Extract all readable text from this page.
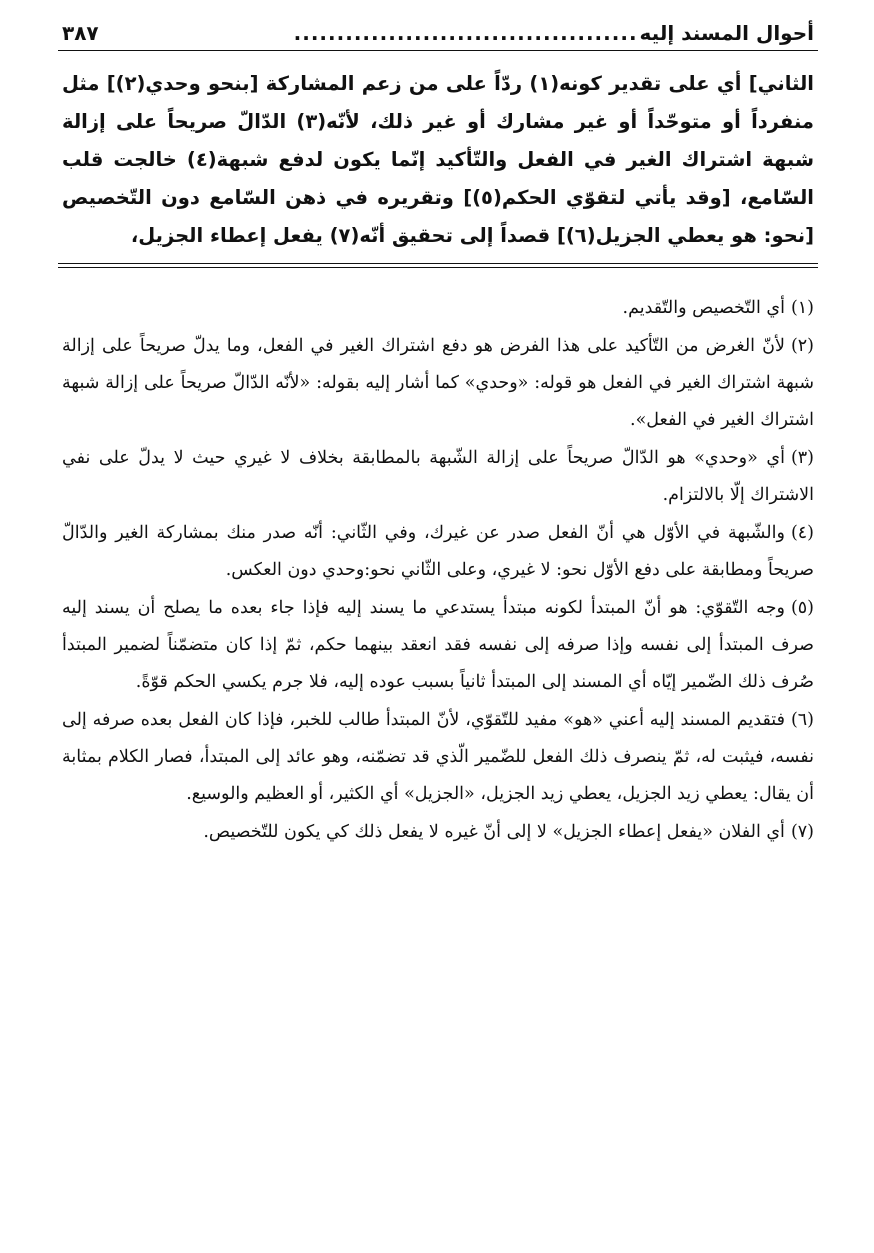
أحوال المسند إليه
........................................
٣٨٧
الثاني] أي على تقدير كونه(١) ردّاً على من زعم المشاركة [بنحو وحدي(٢)] مثل منفرداً أو متوحّداً أو غير مشارك أو غير ذلك، لأنّه(٣) الدّالّ صريحاً على إزالة شبهة اشتراك الغير في الفعل والتّأكيد إنّما يكون لدفع شبهة(٤) خالجت قلب السّامع، [وقد يأتي لتقوّي الحكم(٥)] وتقريره في ذهن السّامع دون التّخصيص [نحو: هو يعطي الجزيل(٦)] قصداً إلى تحقيق أنّه(٧) يفعل إعطاء الجزيل،

(١)أي التّخصيص والتّقديم.

(٢)لأنّ الغرض من التّأكيد على هذا الفرض هو دفع اشتراك الغير في الفعل، وما يدلّ صريحاً على إزالة شبهة اشتراك الغير في الفعل هو قوله: «وحدي» كما أشار إليه بقوله: «لأنّه الدّالّ صريحاً على إزالة شبهة اشتراك الغير في الفعل».

(٣)أي «وحدي» هو الدّالّ صريحاً على إزالة الشّبهة بالمطابقة بخلاف لا غيري حيث لا يدلّ على نفي الاشتراك إلّا بالالتزام.

(٤)والشّبهة في الأوّل هي أنّ الفعل صدر عن غيرك، وفي الثّاني: أنّه صدر منك بمشاركة الغير والدّالّ صريحاً ومطابقة على دفع الأوّل نحو: لا غيري، وعلى الثّاني نحو:وحدي دون العكس.

(٥)وجه التّقوّي: هو أنّ المبتدأ لكونه مبتدأ يستدعي ما يسند إليه فإذا جاء بعده ما يصلح أن يسند إليه صرف المبتدأ إلى نفسه وإذا صرفه إلى نفسه فقد انعقد بينهما حكم، ثمّ إذا كان متضمّناً لضمير المبتدأ صُرف ذلك الضّمير إيّاه أي المسند إلى المبتدأ ثانياً بسبب عوده إليه، فلا جرم يكسي الحكم قوّةً.

(٦)فتقديم المسند إليه أعني «هو» مفيد للتّقوّي، لأنّ المبتدأ طالب للخبر، فإذا كان الفعل بعده صرفه إلى نفسه، فيثبت له، ثمّ ينصرف ذلك الفعل للضّمير الّذي قد تضمّنه، وهو عائد إلى المبتدأ، فصار الكلام بمثابة أن يقال: يعطي زيد الجزيل، يعطي زيد الجزيل، «الجزيل» أي الكثير، أو العظيم والوسيع.

(٧)أي الفلان «يفعل إعطاء الجزيل» لا إلى أنّ غيره لا يفعل ذلك كي يكون للتّخصيص.
